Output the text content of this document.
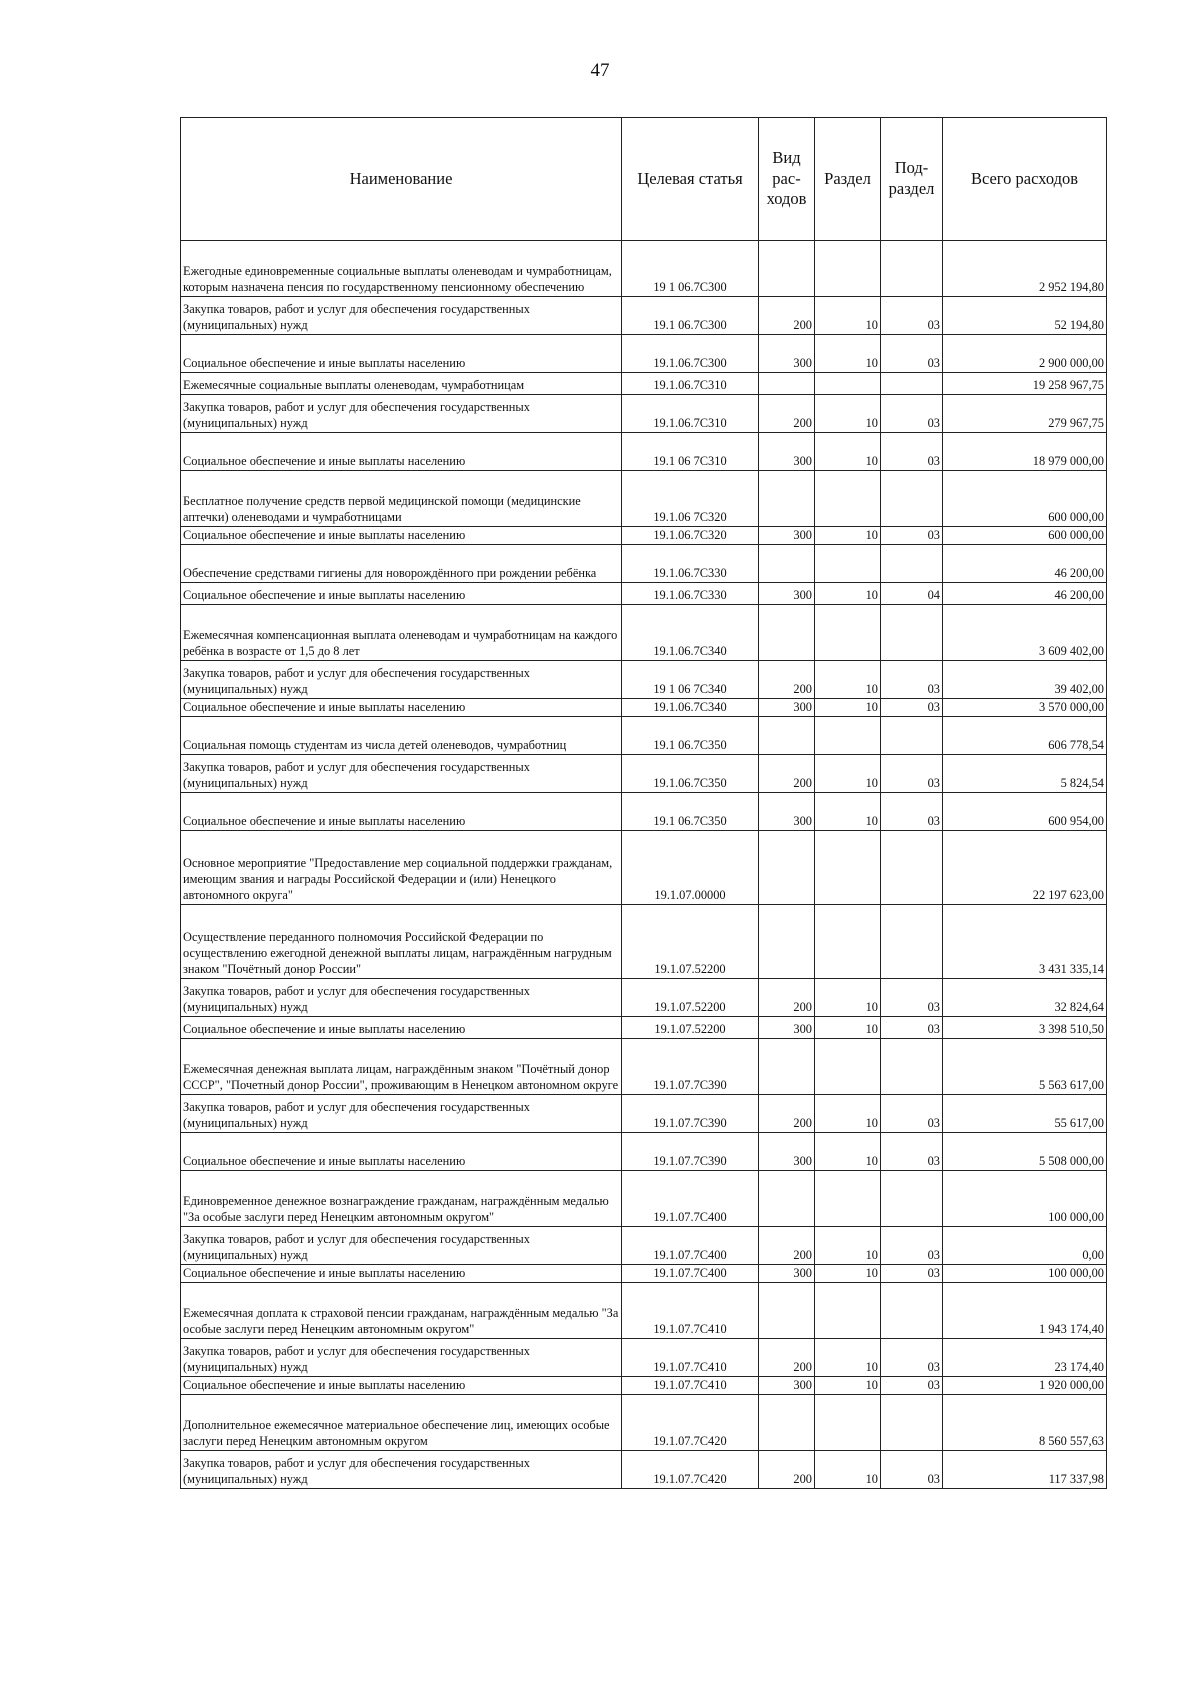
47
Наименование	Целевая статья	Вид рас- ходов	Раздел	Под- раздел	Всего расходов
Ежегодные единовременные социальные выплаты оленеводам и чумработницам, которым назначена пенсия по государственному пенсионному обеспечению	19 1 06.7С300				2 952 194,80
Закупка товаров, работ и услуг для обеспечения государственных (муниципальных) нужд	19.1 06.7С300	200	10	03	52 194,80
Социальное обеспечение и иные выплаты населению	19.1.06.7С300	300	10	03	2 900 000,00
Ежемесячные социальные выплаты оленеводам, чумработницам	19.1.06.7С310				19 258 967,75
Закупка товаров, работ и услуг для обеспечения государственных (муниципальных) нужд	19.1.06.7С310	200	10	03	279 967,75
Социальное обеспечение и иные выплаты населению	19.1 06 7С310	300	10	03	18 979 000,00
Бесплатное получение средств первой медицинской помощи (медицинские аптечки) оленеводами и чумработницами	19.1.06 7С320				600 000,00
Социальное обеспечение и иные выплаты населению	19.1.06.7С320	300	10	03	600 000,00
Обеспечение средствами гигиены для новорождённого при рождении ребёнка	19.1.06.7С330				46 200,00
Социальное обеспечение и иные выплаты населению	19.1.06.7С330	300	10	04	46 200,00
Ежемесячная компенсационная выплата оленеводам и чумработницам на каждого ребёнка в возрасте от 1,5 до 8 лет	19.1.06.7С340				3 609 402,00
Закупка товаров, работ и услуг для обеспечения государственных (муниципальных) нужд	19 1 06 7С340	200	10	03	39 402,00
Социальное обеспечение и иные выплаты населению	19.1.06.7С340	300	10	03	3 570 000,00
Социальная помощь студентам из числа детей оленеводов, чумработниц	19.1 06.7С350				606 778,54
Закупка товаров, работ и услуг для обеспечения государственных (муниципальных) нужд	19.1.06.7С350	200	10	03	5 824,54
Социальное обеспечение и иные выплаты населению	19.1 06.7С350	300	10	03	600 954,00
Основное мероприятие "Предоставление мер социальной поддержки гражданам, имеющим звания и награды Российской Федерации и (или) Ненецкого автономного округа"	19.1.07.00000				22 197 623,00
Осуществление переданного полномочия Российской Федерации по осуществлению ежегодной денежной выплаты лицам, награждённым нагрудным знаком "Почётный донор России"	19.1.07.52200				3 431 335,14
Закупка товаров, работ и услуг для обеспечения государственных (муниципальных) нужд	19.1.07.52200	200	10	03	32 824,64
Социальное обеспечение и иные выплаты населению	19.1.07.52200	300	10	03	3 398 510,50
Ежемесячная денежная выплата лицам, награждённым знаком "Почётный донор СССР", "Почетный донор России", проживающим в Ненецком автономном округе	19.1.07.7С390				5 563 617,00
Закупка товаров, работ и услуг для обеспечения государственных (муниципальных) нужд	19.1.07.7С390	200	10	03	55 617,00
Социальное обеспечение и иные выплаты населению	19.1.07.7С390	300	10	03	5 508 000,00
Единовременное денежное вознаграждение гражданам, награждённым медалью "За особые заслуги перед Ненецким автономным округом"	19.1.07.7С400				100 000,00
Закупка товаров, работ и услуг для обеспечения государственных (муниципальных) нужд	19.1.07.7С400	200	10	03	0,00
Социальное обеспечение и иные выплаты населению	19.1.07.7С400	300	10	03	100 000,00
Ежемесячная доплата к страховой пенсии гражданам, награждённым медалью "За особые заслуги перед Ненецким автономным округом"	19.1.07.7С410				1 943 174,40
Закупка товаров, работ и услуг для обеспечения государственных (муниципальных) нужд	19.1.07.7С410	200	10	03	23 174,40
Социальное обеспечение и иные выплаты населению	19.1.07.7С410	300	10	03	1 920 000,00
Дополнительное ежемесячное материальное обеспечение лиц, имеющих особые заслуги перед Ненецким автономным округом	19.1.07.7С420				8 560 557,63
Закупка товаров, работ и услуг для обеспечения государственных (муниципальных) нужд	19.1.07.7С420	200	10	03	117 337,98
